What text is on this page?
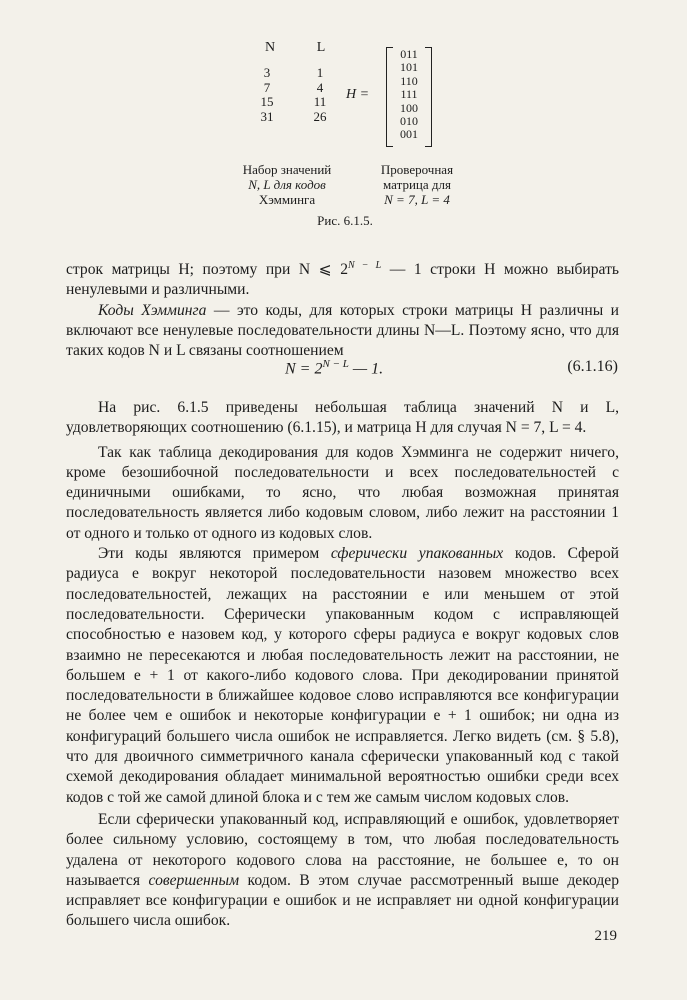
N	L
3
7
15
31
1
4
11
26
H =
011
101
110
111
100
010
001
Набор значений
N, L для кодов
Хэмминга
Проверочная
матрица для
N = 7, L = 4
Рис. 6.1.5.

строк матрицы H; поэтому при N ⩽ $2^{N - L}$ — 1 строки H можно выбирать ненулевыми и различными.

Коды Хэмминга — это коды, для которых строки матрицы H различны и включают все ненулевые последовательности длины N—L. Поэтому ясно, что для таких кодов N и L связаны соотношением

$N = 2^{N - L}$ — 1.	(6.1.16)

На рис. 6.1.5 приведены небольшая таблица значений N и L, удовлетворяющих соотношению (6.1.15), и матрица H для случая N = 7, L = 4.

Так как таблица декодирования для кодов Хэмминга не содержит ничего, кроме безошибочной последовательности и всех последовательностей с единичными ошибками, то ясно, что любая возможная принятая последовательность является либо кодовым словом, либо лежит на расстоянии 1 от одного и только от одного из кодовых слов.

Эти коды являются примером сферически упакованных кодов. Сферой радиуса e вокруг некоторой последовательности назовем множество всех последовательностей, лежащих на расстоянии e или меньшем от этой последовательности. Сферически упакованным кодом с исправляющей способностью e назовем код, у которого сферы радиуса e вокруг кодовых слов взаимно не пересекаются и любая последовательность лежит на расстоянии, не большем e + 1 от какого-либо кодового слова. При декодировании принятой последовательности в ближайшее кодовое слово исправляются все конфигурации не более чем e ошибок и некоторые конфигурации e + 1 ошибок; ни одна из конфигураций большего числа ошибок не исправляется. Легко видеть (см. § 5.8), что для двоичного симметричного канала сферически упакованный код с такой схемой декодирования обладает минимальной вероятностью ошибки среди всех кодов с той же самой длиной блока и с тем же самым числом кодовых слов.

Если сферически упакованный код, исправляющий e ошибок, удовлетворяет более сильному условию, состоящему в том, что любая последовательность удалена от некоторого кодового слова на расстояние, не большее e, то он называется совершенным кодом. В этом случае рассмотренный выше декодер исправляет все конфигурации e ошибок и не исправляет ни одной конфигурации большего числа ошибок.

219
